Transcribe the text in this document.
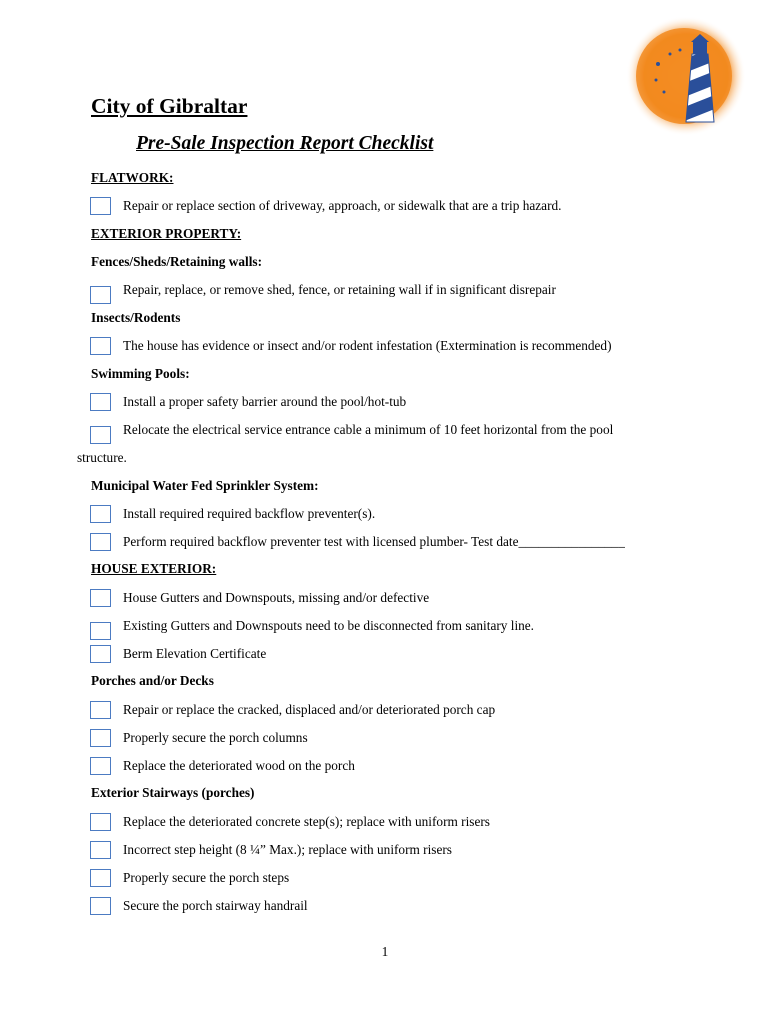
City of Gibraltar
Pre-Sale Inspection Report Checklist
FLATWORK:
Repair or replace section of driveway, approach, or sidewalk that are a trip hazard.
EXTERIOR PROPERTY:
Fences/Sheds/Retaining walls:
Repair, replace, or remove shed, fence, or retaining wall if in significant disrepair
Insects/Rodents
The house has evidence or insect and/or rodent infestation (Extermination is recommended)
Swimming Pools:
Install a proper safety barrier around the pool/hot-tub
Relocate the electrical service entrance cable a minimum of 10 feet horizontal from the pool
structure.
Municipal Water Fed Sprinkler System:
Install required required backflow preventer(s).
Perform required backflow preventer test with licensed plumber- Test date________________
HOUSE EXTERIOR:
House Gutters and Downspouts, missing and/or defective
Existing Gutters and Downspouts need to be disconnected from sanitary line.
Berm Elevation Certificate
Porches and/or Decks
Repair or replace the cracked, displaced and/or deteriorated porch cap
Properly secure the porch columns
Replace the deteriorated wood on the porch
Exterior Stairways (porches)
Replace the deteriorated concrete step(s); replace with uniform risers
Incorrect step height (8 ¼” Max.); replace with uniform risers
Properly secure the porch steps
Secure the porch stairway handrail
1
